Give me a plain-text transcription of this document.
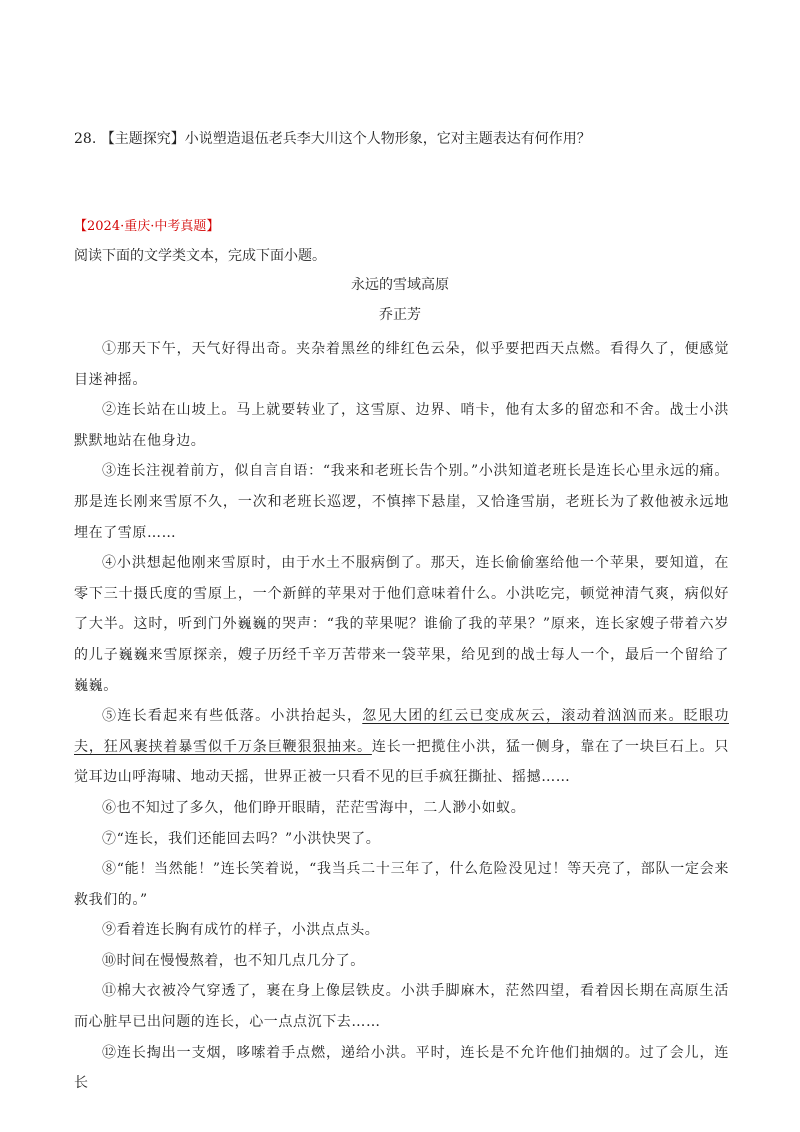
28. 【主题探究】小说塑造退伍老兵李大川这个人物形象，它对主题表达有何作用？
【2024·重庆·中考真题】
阅读下面的文学类文本，完成下面小题。
永远的雪域高原
乔正芳

①那天下午，天气好得出奇。夹杂着黑丝的绯红色云朵，似乎要把西天点燃。看得久了，便感觉目迷神摇。

②连长站在山坡上。马上就要转业了，这雪原、边界、哨卡，他有太多的留恋和不舍。战士小洪默默地站在他身边。

③连长注视着前方，似自言自语：“我来和老班长告个别。”小洪知道老班长是连长心里永远的痛。那是连长刚来雪原不久，一次和老班长巡逻，不慎摔下悬崖，又恰逢雪崩，老班长为了救他被永远地埋在了雪原……

④小洪想起他刚来雪原时，由于水土不服病倒了。那天，连长偷偷塞给他一个苹果，要知道，在零下三十摄氏度的雪原上，一个新鲜的苹果对于他们意味着什么。小洪吃完，顿觉神清气爽，病似好了大半。这时，听到门外巍巍的哭声：“我的苹果呢？谁偷了我的苹果？”原来，连长家嫂子带着六岁的儿子巍巍来雪原探亲，嫂子历经千辛万苦带来一袋苹果，给见到的战士每人一个，最后一个留给了巍巍。

⑤连长看起来有些低落。小洪抬起头，忽见大团的红云已变成灰云，滚动着汹汹而来。眨眼功夫，狂风裹挟着暴雪似千万条巨鞭狠狠抽来。连长一把揽住小洪，猛一侧身，靠在了一块巨石上。只觉耳边山呼海啸、地动天摇，世界正被一只看不见的巨手疯狂撕扯、摇撼……

⑥也不知过了多久，他们睁开眼睛，茫茫雪海中，二人渺小如蚁。

⑦“连长，我们还能回去吗？”小洪快哭了。

⑧“能！当然能！”连长笑着说，“我当兵二十三年了，什么危险没见过！等天亮了，部队一定会来救我们的。”

⑨看着连长胸有成竹的样子，小洪点点头。

⑩时间在慢慢熬着，也不知几点几分了。

⑪棉大衣被冷气穿透了，裹在身上像层铁皮。小洪手脚麻木，茫然四望，看着因长期在高原生活而心脏早已出问题的连长，心一点点沉下去……

⑫连长掏出一支烟，哆嗦着手点燃，递给小洪。平时，连长是不允许他们抽烟的。过了会儿，连长
